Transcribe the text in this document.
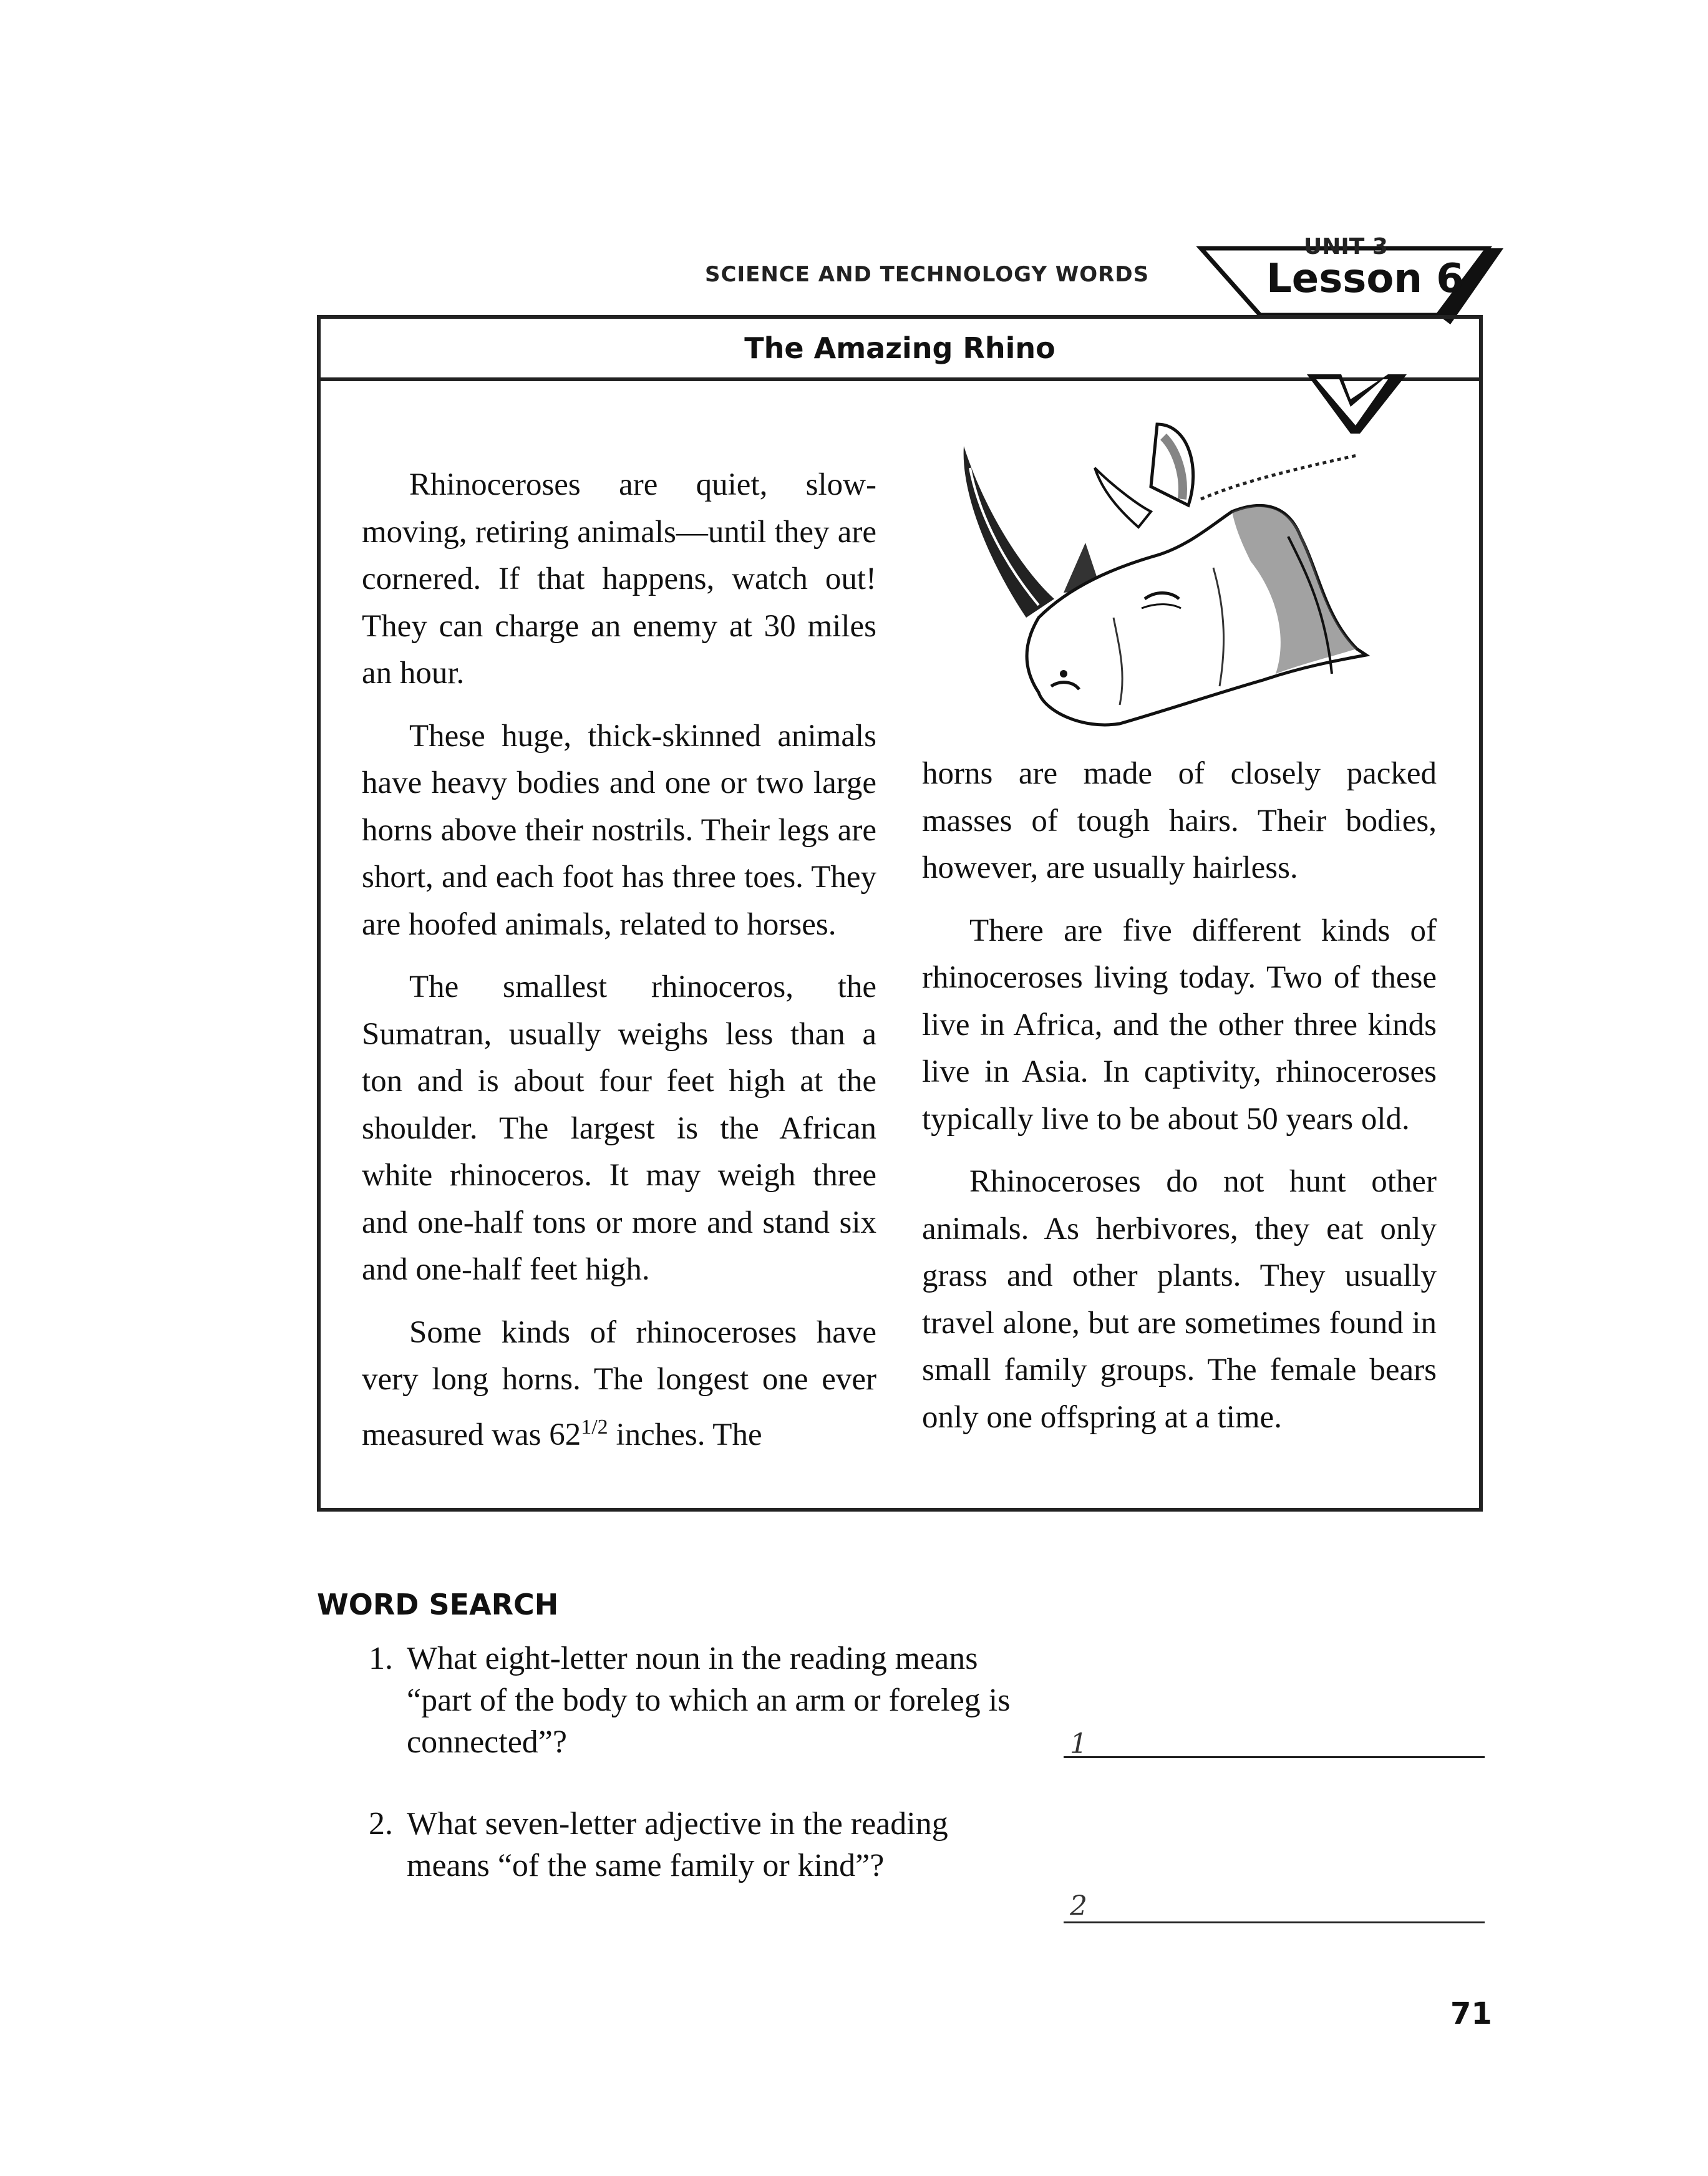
SCIENCE AND TECHNOLOGY WORDS
UNIT 3
Lesson 6
The Amazing Rhino

Rhinoceroses are quiet, slow-moving, retiring animals—until they are cornered. If that happens, watch out! They can charge an enemy at 30 miles an hour.

These huge, thick-skinned animals have heavy bodies and one or two large horns above their nostrils. Their legs are short, and each foot has three toes. They are hoofed animals, related to horses.

The smallest rhinoceros, the Sumatran, usually weighs less than a ton and is about four feet high at the shoulder. The largest is the African white rhinoceros. It may weigh three and one-half tons or more and stand six and one-half feet high.

Some kinds of rhinoceroses have very long horns. The longest one ever measured was $62^{1/2}$ inches. The

horns are made of closely packed masses of tough hairs. Their bodies, however, are usually hairless.

There are five different kinds of rhinoceroses living today. Two of these live in Africa, and the other three kinds live in Asia. In captivity, rhinoceroses typically live to be about 50 years old.

Rhinoceroses do not hunt other animals. As herbivores, they eat only grass and other plants. They usually travel alone, but are sometimes found in small family groups. The female bears only one offspring at a time.

WORD SEARCH
1. What eight-letter noun in the reading means “part of the body to which an arm or foreleg is connected”?	1
2. What seven-letter adjective in the reading means “of the same family or kind”?
2
71
